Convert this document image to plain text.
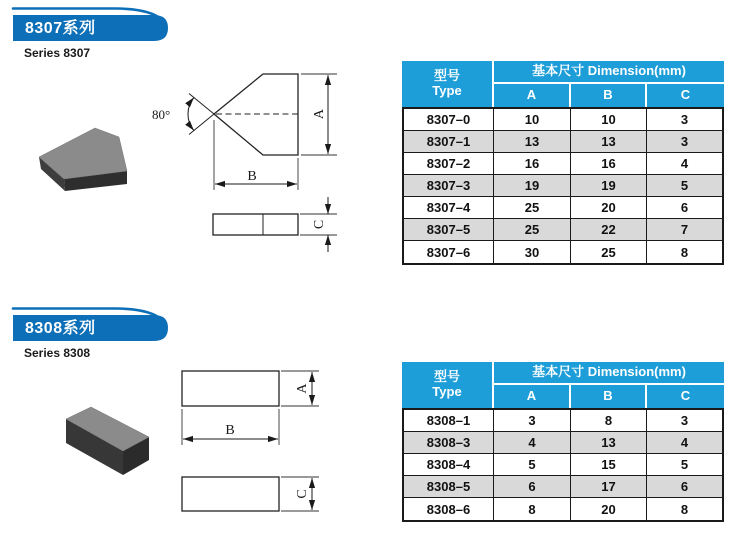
8307系列
Series 8307
80°	A
B
C
型号
Type
基本尺寸 Dimension(mm)
A	B	C
8307–0	10	10	3
8307–1	13	13	3
8307–2	16	16	4
8307–3	19	19	5
8307–4	25	20	6
8307–5	25	22	7
8307–6	30	25	8
8308系列
Series 8308
A
B
C
型号
Type
基本尺寸 Dimension(mm)
A	B	C
8308–1	3	8	3
8308–3	4	13	4
8308–4	5	15	5
8308–5	6	17	6
8308–6	8	20	8
